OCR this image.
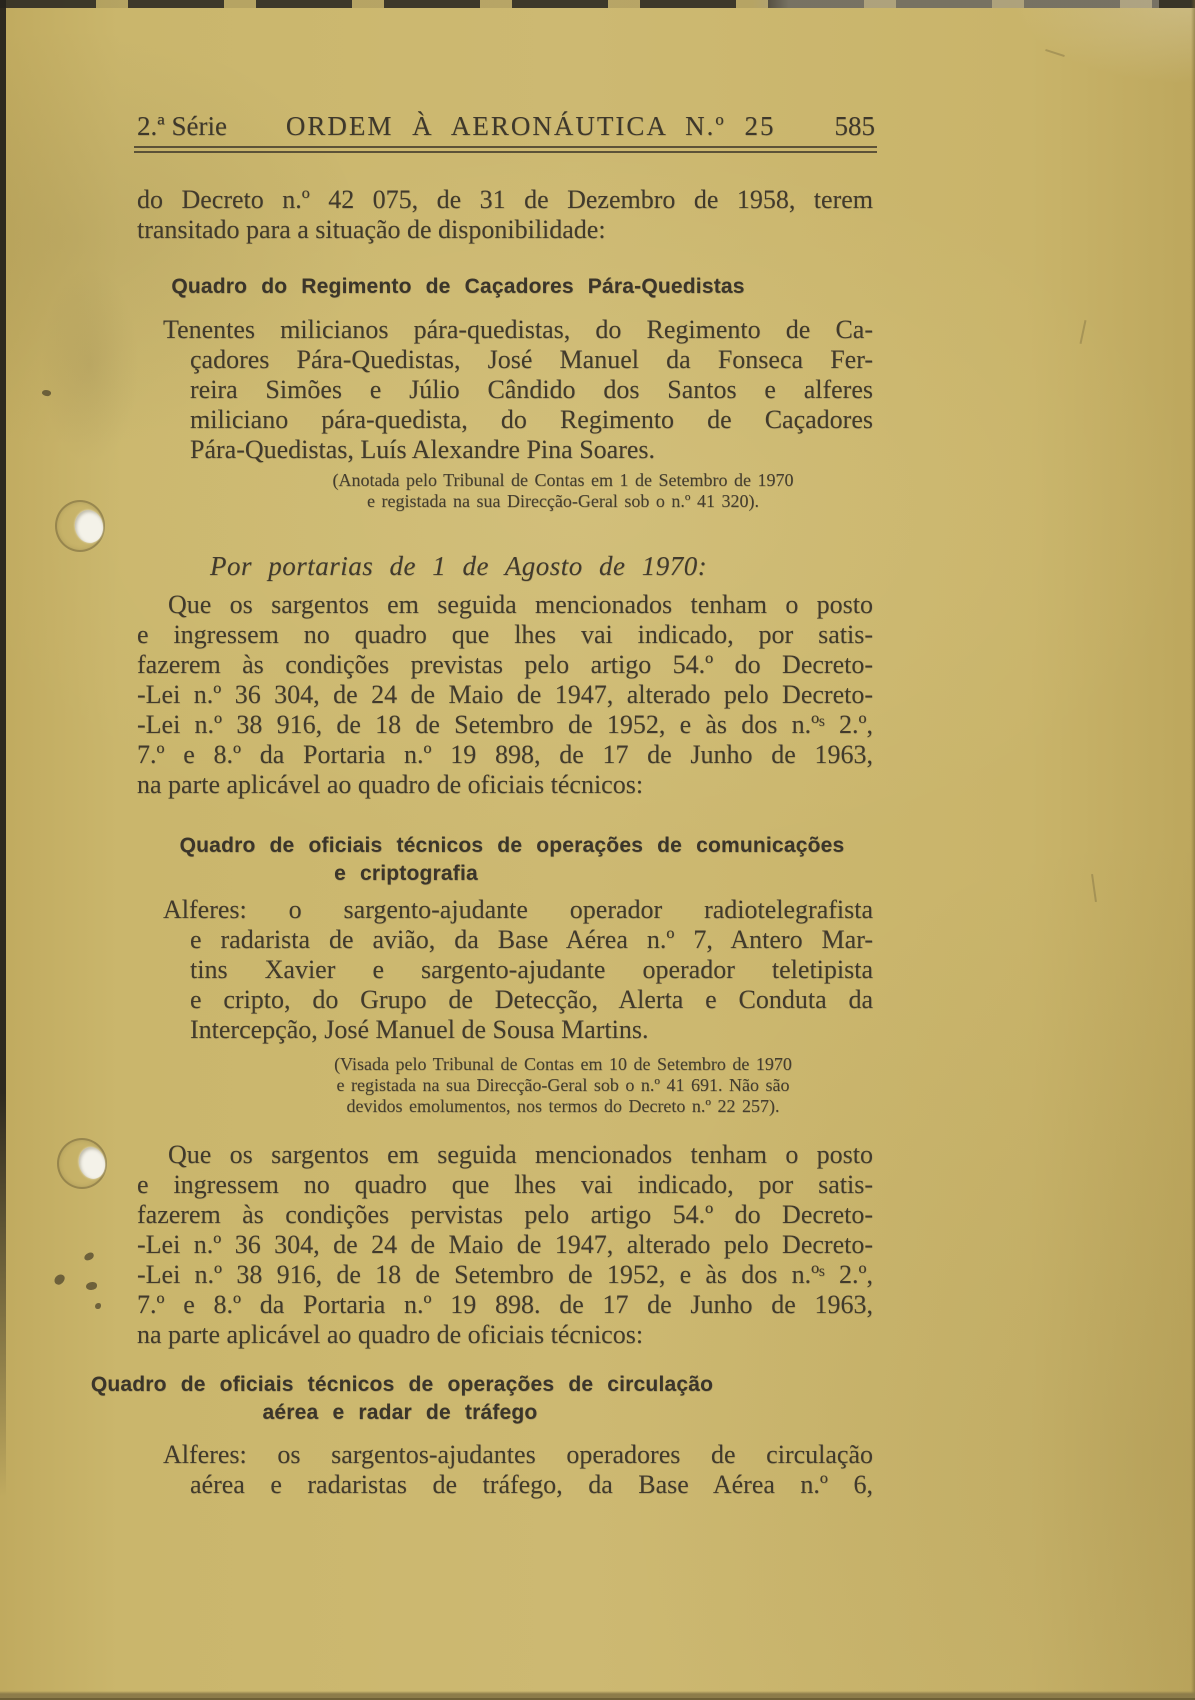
2.ª Série ORDEM À AERONÁUTICA N.º 25 585
do Decreto n.º 42 075, de 31 de Dezembro de 1958, terem
transitado para a situação de disponibilidade:
Quadro do Regimento de Caçadores Pára-Quedistas
Tenentes milicianos pára-quedistas, do Regimento de Ca-
çadores Pára-Quedistas, José Manuel da Fonseca Fer-
reira Simões e Júlio Cândido dos Santos e alferes
miliciano pára-quedista, do Regimento de Caçadores
Pára-Quedistas, Luís Alexandre Pina Soares.
(Anotada pelo Tribunal de Contas em 1 de Setembro de 1970
e registada na sua Direcção-Geral sob o n.º 41 320).
Por portarias de 1 de Agosto de 1970:
Que os sargentos em seguida mencionados tenham o posto
e ingressem no quadro que lhes vai indicado, por satis-
fazerem às condições previstas pelo artigo 54.º do Decreto-
-Lei n.º 36 304, de 24 de Maio de 1947, alterado pelo Decreto-
-Lei n.º 38 916, de 18 de Setembro de 1952, e às dos n.ºˢ 2.º,
7.º e 8.º da Portaria n.º 19 898, de 17 de Junho de 1963,
na parte aplicável ao quadro de oficiais técnicos:
Quadro de oficiais técnicos de operações de comunicações
e criptografia
Alferes: o sargento-ajudante operador radiotelegrafista
e radarista de avião, da Base Aérea n.º 7, Antero Mar-
tins Xavier e sargento-ajudante operador teletipista
e cripto, do Grupo de Detecção, Alerta e Conduta da
Intercepção, José Manuel de Sousa Martins.
(Visada pelo Tribunal de Contas em 10 de Setembro de 1970
e registada na sua Direcção-Geral sob o n.º 41 691. Não são
devidos emolumentos, nos termos do Decreto n.º 22 257).
Que os sargentos em seguida mencionados tenham o posto
e ingressem no quadro que lhes vai indicado, por satis-
fazerem às condições pervistas pelo artigo 54.º do Decreto-
-Lei n.º 36 304, de 24 de Maio de 1947, alterado pelo Decreto-
-Lei n.º 38 916, de 18 de Setembro de 1952, e às dos n.ºˢ 2.º,
7.º e 8.º da Portaria n.º 19 898. de 17 de Junho de 1963,
na parte aplicável ao quadro de oficiais técnicos:
Quadro de oficiais técnicos de operações de circulação
aérea e radar de tráfego
Alferes: os sargentos-ajudantes operadores de circulação
aérea e radaristas de tráfego, da Base Aérea n.º 6,
